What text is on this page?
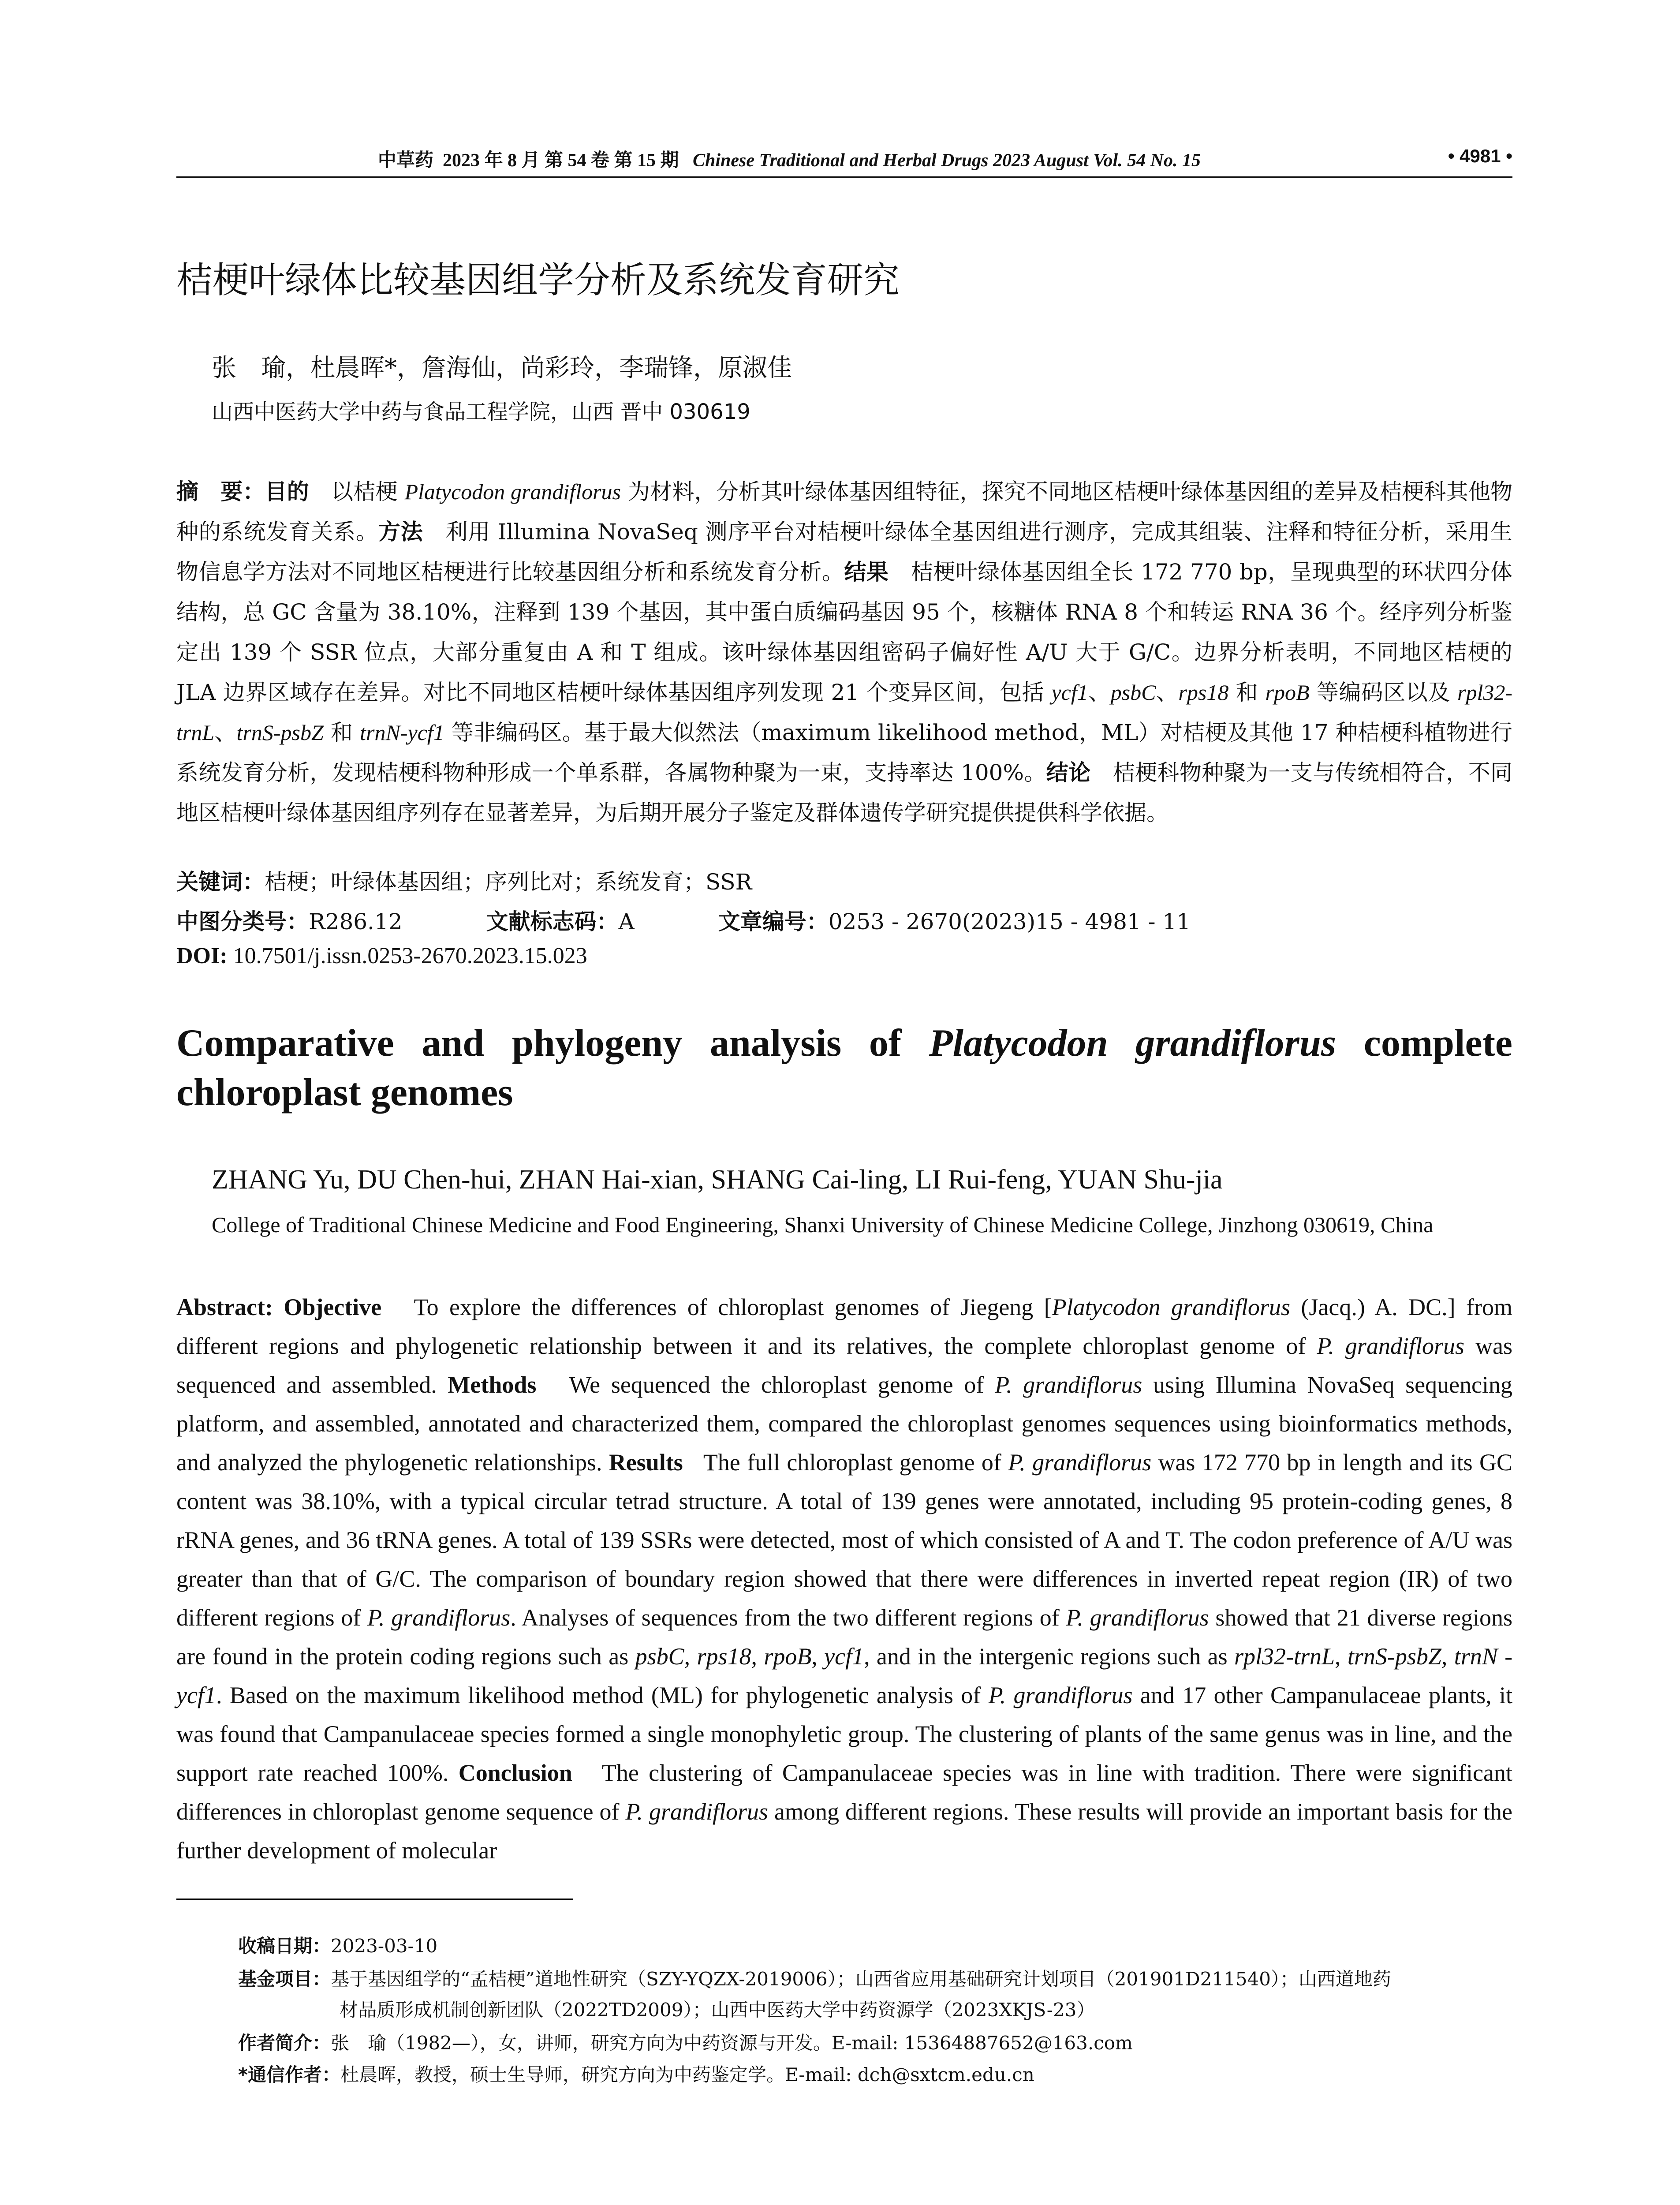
中草药 2023 年 8 月 第 54 卷 第 15 期 Chinese Traditional and Herbal Drugs 2023 August Vol. 54 No. 15	• 4981 •
桔梗叶绿体比较基因组学分析及系统发育研究
张　瑜，杜晨晖*，詹海仙，尚彩玲，李瑞锋，原淑佳
山西中医药大学中药与食品工程学院，山西 晋中 030619
摘　要：目的　以桔梗 Platycodon grandiflorus 为材料，分析其叶绿体基因组特征，探究不同地区桔梗叶绿体基因组的差异及桔梗科其他物种的系统发育关系。方法　利用 Illumina NovaSeq 测序平台对桔梗叶绿体全基因组进行测序，完成其组装、注释和特征分析，采用生物信息学方法对不同地区桔梗进行比较基因组分析和系统发育分析。结果　桔梗叶绿体基因组全长 172 770 bp，呈现典型的环状四分体结构，总 GC 含量为 38.10%，注释到 139 个基因，其中蛋白质编码基因 95 个，核糖体 RNA 8 个和转运 RNA 36 个。经序列分析鉴定出 139 个 SSR 位点，大部分重复由 A 和 T 组成。该叶绿体基因组密码子偏好性 A/U 大于 G/C。边界分析表明，不同地区桔梗的 JLA 边界区域存在差异。对比不同地区桔梗叶绿体基因组序列发现 21 个变异区间，包括 ycf1、psbC、rps18 和 rpoB 等编码区以及 rpl32-trnL、trnS-psbZ 和 trnN-ycf1 等非编码区。基于最大似然法（maximum likelihood method，ML）对桔梗及其他 17 种桔梗科植物进行系统发育分析，发现桔梗科物种形成一个单系群，各属物种聚为一束，支持率达 100%。结论　桔梗科物种聚为一支与传统相符合，不同地区桔梗叶绿体基因组序列存在显著差异，为后期开展分子鉴定及群体遗传学研究提供提供科学依据。
关键词：桔梗；叶绿体基因组；序列比对；系统发育；SSR
中图分类号：R286.12	文献标志码：A	文章编号：0253 - 2670(2023)15 - 4981 - 11
DOI: 10.7501/j.issn.0253-2670.2023.15.023
Comparative and phylogeny analysis of Platycodon grandiflorus complete chloroplast genomes
ZHANG Yu, DU Chen-hui, ZHAN Hai-xian, SHANG Cai-ling, LI Rui-feng, YUAN Shu-jia
College of Traditional Chinese Medicine and Food Engineering, Shanxi University of Chinese Medicine College, Jinzhong 030619, China
Abstract: Objective To explore the differences of chloroplast genomes of Jiegeng [Platycodon grandiflorus (Jacq.) A. DC.] from different regions and phylogenetic relationship between it and its relatives, the complete chloroplast genome of P. grandiflorus was sequenced and assembled. Methods We sequenced the chloroplast genome of P. grandiflorus using Illumina NovaSeq sequencing platform, and assembled, annotated and characterized them, compared the chloroplast genomes sequences using bioinformatics methods, and analyzed the phylogenetic relationships. Results The full chloroplast genome of P. grandiflorus was 172 770 bp in length and its GC content was 38.10%, with a typical circular tetrad structure. A total of 139 genes were annotated, including 95 protein-coding genes, 8 rRNA genes, and 36 tRNA genes. A total of 139 SSRs were detected, most of which consisted of A and T. The codon preference of A/U was greater than that of G/C. The comparison of boundary region showed that there were differences in inverted repeat region (IR) of two different regions of P. grandiflorus. Analyses of sequences from the two different regions of P. grandiflorus showed that 21 diverse regions are found in the protein coding regions such as psbC, rps18, rpoB, ycf1, and in the intergenic regions such as rpl32-trnL, trnS-psbZ, trnN -ycf1. Based on the maximum likelihood method (ML) for phylogenetic analysis of P. grandiflorus and 17 other Campanulaceae plants, it was found that Campanulaceae species formed a single monophyletic group. The clustering of plants of the same genus was in line, and the support rate reached 100%. Conclusion The clustering of Campanulaceae species was in line with tradition. There were significant differences in chloroplast genome sequence of P. grandiflorus among different regions. These results will provide an important basis for the further development of molecular
收稿日期：2023-03-10
基金项目：基于基因组学的“孟桔梗”道地性研究（SZY-YQZX-2019006）；山西省应用基础研究计划项目（201901D211540）；山西道地药
材品质形成机制创新团队（2022TD2009）；山西中医药大学中药资源学（2023XKJS-23）
作者简介：张　瑜（1982—），女，讲师，研究方向为中药资源与开发。E-mail: 15364887652@163.com
*通信作者：杜晨晖，教授，硕士生导师，研究方向为中药鉴定学。E-mail: dch@sxtcm.edu.cn
